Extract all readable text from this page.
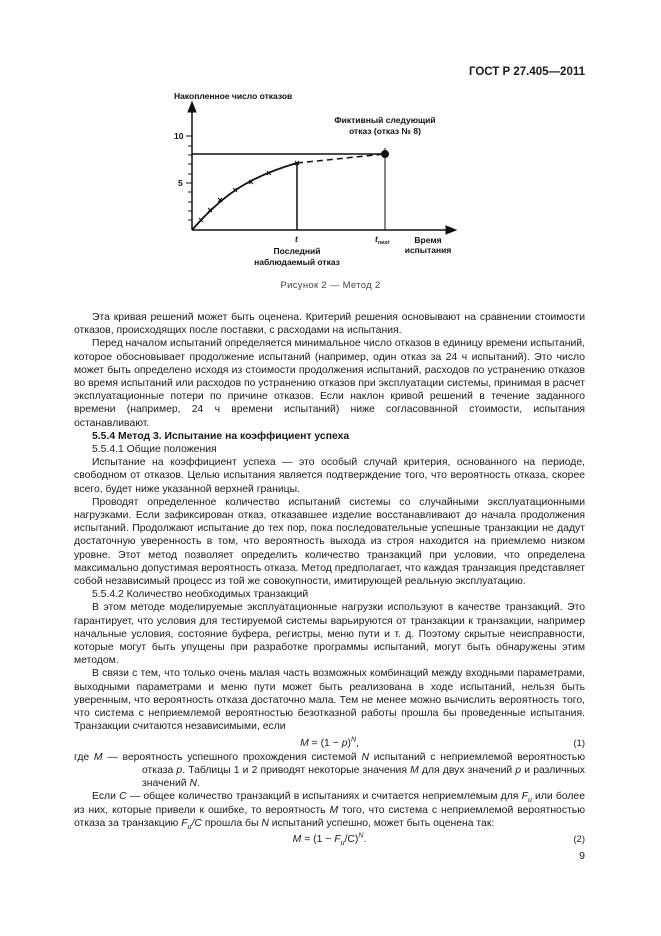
ГОСТ Р 27.405—2011
Накопленное число отказов
10
5
Фиктивный следующий
отказ (отказ № 8)
t	$t_{next}$	Время
испытания
Последний
наблюдаемый отказ
Рисунок 2 — Метод 2

Эта кривая решений может быть оценена. Критерий решения основывают на сравнении стоимости отказов, происходящих после поставки, с расходами на испытания.

Перед началом испытаний определяется минимальное число отказов в единицу времени испытаний, которое обосновывает продолжение испытаний (например, один отказ за 24 ч испытаний). Это число может быть определено исходя из стоимости продолжения испытаний, расходов по устранению отказов во время испытаний или расходов по устранению отказов при эксплуатации системы, принимая в расчет эксплуатационные потери по причине отказов. Если наклон кривой решений в течение заданного времени (например, 24 ч времени испытаний) ниже согласованной стоимости, испытания останавливают.

5.5.4 Метод 3. Испытание на коэффициент успеха

5.5.4.1 Общие положения

Испытание на коэффициент успеха — это особый случай критерия, основанного на периоде, свободном от отказов. Целью испытания является подтверждение того, что вероятность отказа, скорее всего, будет ниже указанной верхней границы.

Проводят определенное количество испытаний системы со случайными эксплуатационными нагрузками. Если зафиксирован отказ, отказавшее изделие восстанавливают до начала продолжения испытаний. Продолжают испытание до тех пор, пока последовательные успешные транзакции не дадут достаточную уверенность в том, что вероятность выхода из строя находится на приемлемо низком уровне. Этот метод позволяет определить количество транзакций при условии, что определена максимально допустимая вероятность отказа. Метод предполагает, что каждая транзакция представляет собой независимый процесс из той же совокупности, имитирующей реальную эксплуатацию.

5.5.4.2 Количество необходимых транзакций

В этом методе моделируемые эксплуатационные нагрузки используют в качестве транзакций. Это гарантирует, что условия для тестируемой системы варьируются от транзакции к транзакции, например начальные условия, состояние буфера, регистры, меню пути и т. д. Поэтому скрытые неисправности, которые могут быть упущены при разработке программы испытаний, могут быть обнаружены этим методом.

В связи с тем, что только очень малая часть возможных комбинаций между входными параметрами, выходными параметрами и меню пути может быть реализована в ходе испытаний, нельзя быть уверенным, что вероятность отказа достаточно мала. Тем не менее можно вычислить вероятность того, что система с неприемлемой вероятностью безотказной работы прошла бы проведенные испытания. Транзакции считаются независимыми, если

$M = (1 - p)^N$,	(1)

где M — вероятность успешного прохождения системой N испытаний с неприемлемой вероятностью отказа p. Таблицы 1 и 2 приводят некоторые значения M для двух значений p и различных значений N.

Если C — общее количество транзакций в испытаниях и считается неприемлемым для $F_u$ или более из них, которые привели к ошибке, то вероятность M того, что система с неприемлемой вероятностью отказа за транзакцию $F_u/C$ прошла бы N испытаний успешно, может быть оценена так:

$M = (1 - F_u/C)^N$.	(2)
9
